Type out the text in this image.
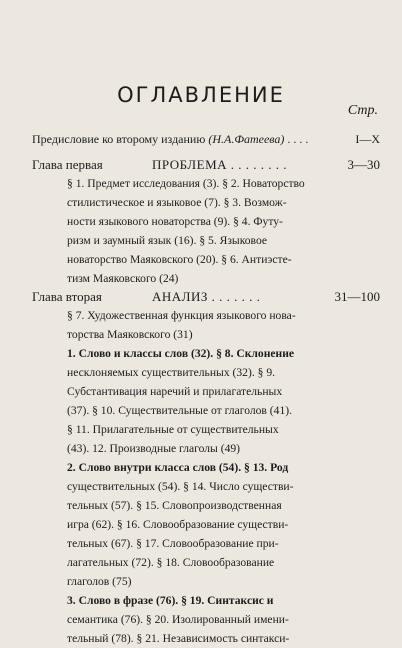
ОГЛАВЛЕНИЕ
Стр.
Предисловие ко второму изданию (Н.А.Фатеева) . . . .	I—X
Глава первая	ПРОБЛЕМА . . . . . . . .	3—30
§ 1. Предмет исследования (3). § 2. Новаторство
стилистическое и языковое (7). § 3. Возмож-
ности языкового новаторства (9). § 4. Футу-
ризм и заумный язык (16). § 5. Языковое
новаторство Маяковского (20). § 6. Антиэсте-
тизм Маяковского (24)
Глава вторая	АНАЛИЗ . . . . . . .	31—100
§ 7. Художественная функция языкового нова-
торства Маяковского (31)
1. Слово и классы слов (32). § 8. Склонение
несклоняемых существительных (32). § 9.
Субстантивация наречий и прилагательных
(37). § 10. Существительные от глаголов (41).
§ 11. Прилагательные от существительных
(43). 12. Производные глаголы (49)
2. Слово внутри класса слов (54). § 13. Род
существительных (54). § 14. Число существи-
тельных (57). § 15. Словопроизводственная
игра (62). § 16. Словообразование существи-
тельных (67). § 17. Словообразование при-
лагательных (72). § 18. Словообразование
глаголов (75)
3. Слово в фразе (76). § 19. Синтаксис и
семантика (76). § 20. Изолированный имени-
тельный (78). § 21. Независимость синтакси-
